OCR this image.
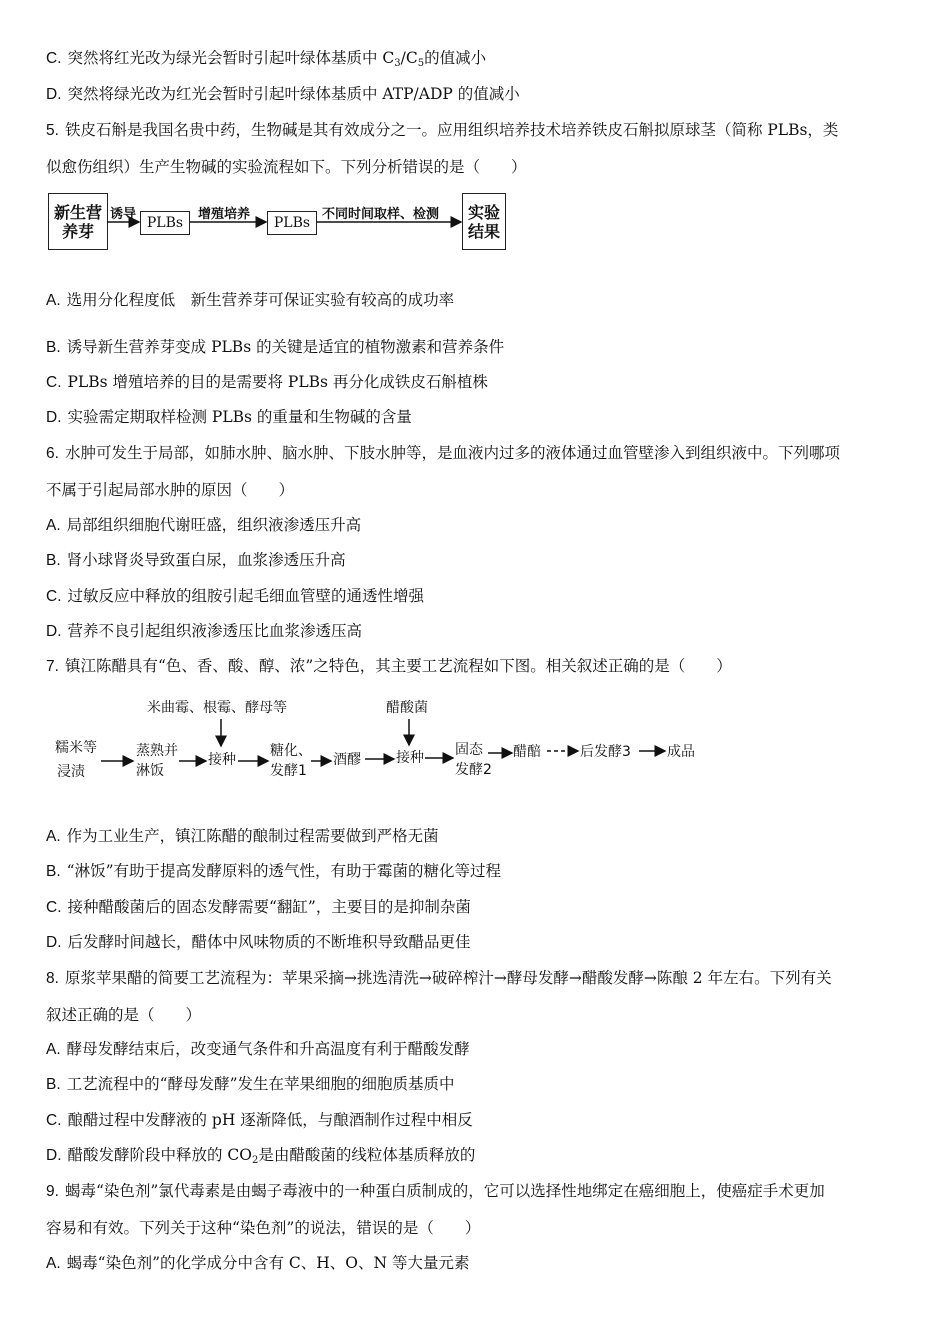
C. 突然将红光改为绿光会暂时引起叶绿体基质中 $C_3/C_5$的值减小
D. 突然将绿光改为红光会暂时引起叶绿体基质中 ATP/ADP 的值减小
5. 铁皮石斛是我国名贵中药，生物碱是其有效成分之一。应用组织培养技术培养铁皮石斛拟原球茎（简称 PLBs，类
似愈伤组织）生产生物碱的实验流程如下。下列分析错误的是（　　）
新生营养芽	PLBs	PLBs
实验结果
诱导	增殖培养	不同时间取样、检测
A. 选用分化程度低　新生营养芽可保证实验有较高的成功率
B. 诱导新生营养芽变成 PLBs 的关键是适宜的植物激素和营养条件
C. PLBs 增殖培养的目的是需要将 PLBs 再分化成铁皮石斛植株
D. 实验需定期取样检测 PLBs 的重量和生物碱的含量
6. 水肿可发生于局部，如肺水肿、脑水肿、下肢水肿等，是血液内过多的液体通过血管壁渗入到组织液中。下列哪项
不属于引起局部水肿的原因（　　）
A. 局部组织细胞代谢旺盛，组织液渗透压升高
B. 肾小球肾炎导致蛋白尿，血浆渗透压升高
C. 过敏反应中释放的组胺引起毛细血管壁的通透性增强
D. 营养不良引起组织液渗透压比血浆渗透压高
7. 镇江陈醋具有“色、香、酸、醇、浓”之特色，其主要工艺流程如下图。相关叙述正确的是（　　）
米曲霉、根霉、酵母等	醋酸菌
糯米等
浸渍
蒸熟并
淋饭
接种
糖化、
发酵1
酒醪	接种 固态
发酵2
醋醅	后发酵3	成品
A. 作为工业生产，镇江陈醋的酿制过程需要做到严格无菌
B. “淋饭”有助于提高发酵原料的透气性，有助于霉菌的糖化等过程
C. 接种醋酸菌后的固态发酵需要“翻缸”，主要目的是抑制杂菌
D. 后发酵时间越长，醋体中风味物质的不断堆积导致醋品更佳
8. 原浆苹果醋的简要工艺流程为：苹果采摘→挑选清洗→破碎榨汁→酵母发酵→醋酸发酵→陈酿 2 年左右。下列有关
叙述正确的是（　　）
A. 酵母发酵结束后，改变通气条件和升高温度有利于醋酸发酵
B. 工艺流程中的“酵母发酵”发生在苹果细胞的细胞质基质中
C. 酿醋过程中发酵液的 pH 逐渐降低，与酿酒制作过程中相反
D. 醋酸发酵阶段中释放的 $CO_2$是由醋酸菌的线粒体基质释放的
9. 蝎毒“染色剂”氯代毒素是由蝎子毒液中的一种蛋白质制成的，它可以选择性地绑定在癌细胞上，使癌症手术更加
容易和有效。下列关于这种“染色剂”的说法，错误的是（　　）
A. 蝎毒“染色剂”的化学成分中含有 C、H、O、N 等大量元素
